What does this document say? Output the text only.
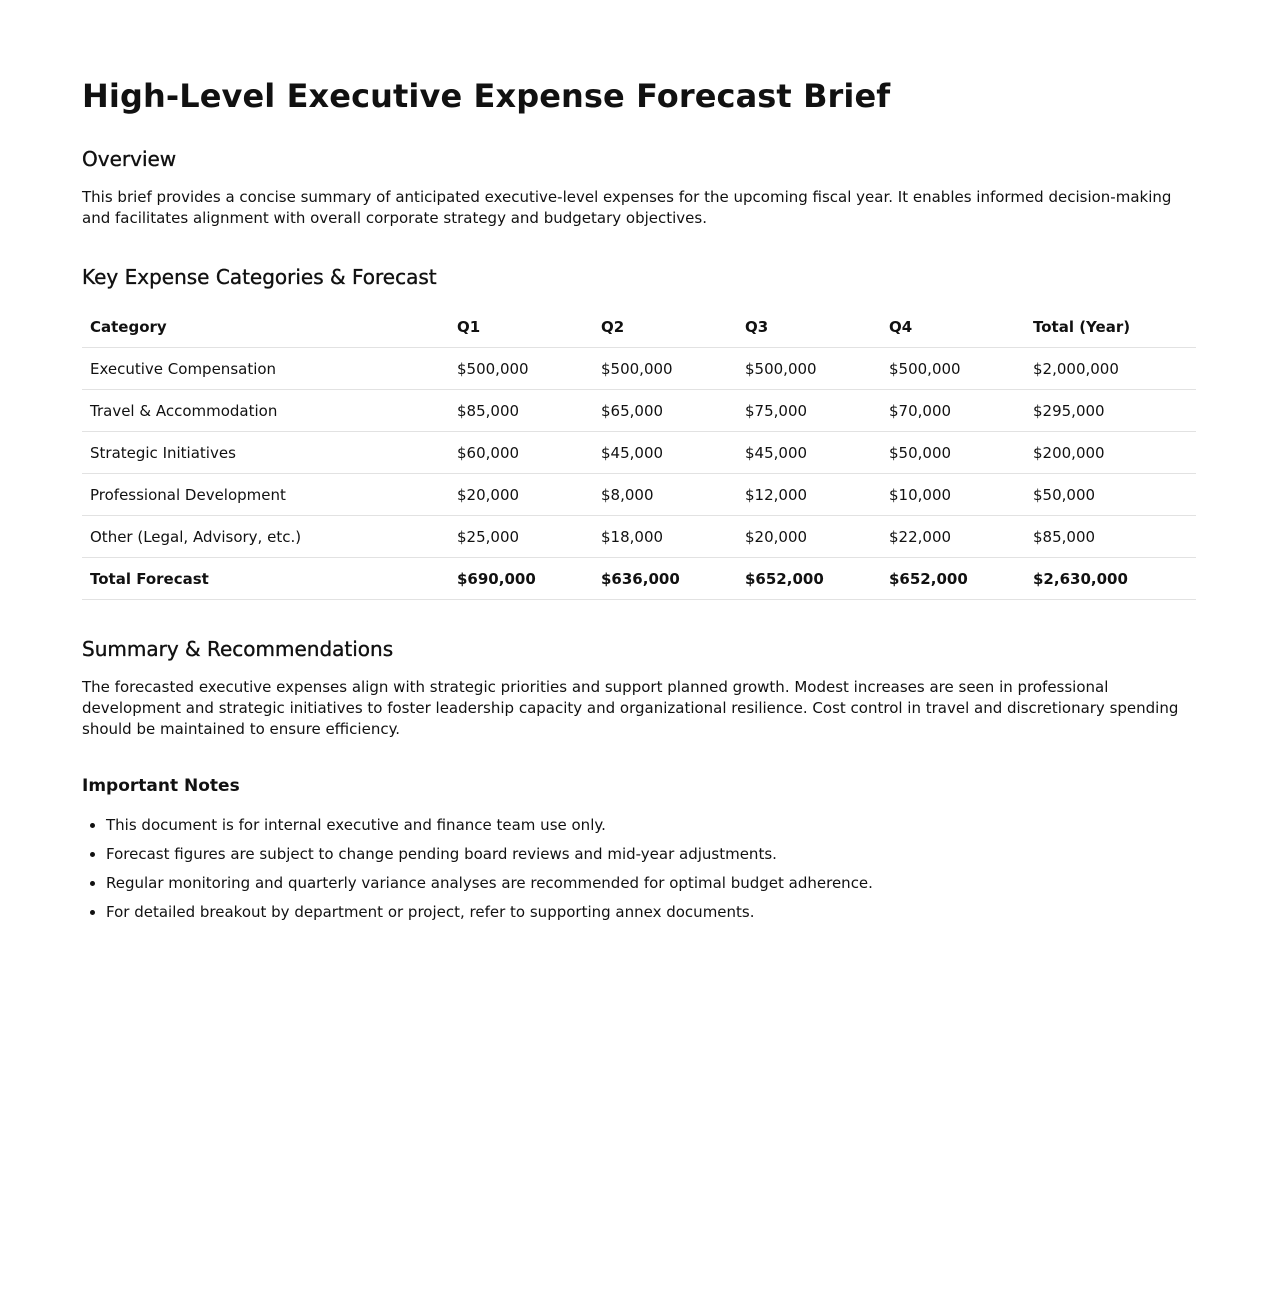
High-Level Executive Expense Forecast Brief
Overview

This brief provides a concise summary of anticipated executive-level expenses for the upcoming fiscal year. It enables informed decision-making and facilitates alignment with overall corporate strategy and budgetary objectives.

Key Expense Categories & Forecast
Category	Q1	Q2	Q3	Q4	Total (Year)
Executive Compensation	$500,000	$500,000	$500,000	$500,000	$2,000,000
Travel & Accommodation	$85,000	$65,000	$75,000	$70,000	$295,000
Strategic Initiatives	$60,000	$45,000	$45,000	$50,000	$200,000
Professional Development	$20,000	$8,000	$12,000	$10,000	$50,000
Other (Legal, Advisory, etc.)	$25,000	$18,000	$20,000	$22,000	$85,000
Total Forecast	$690,000	$636,000	$652,000	$652,000	$2,630,000
Summary & Recommendations

The forecasted executive expenses align with strategic priorities and support planned growth. Modest increases are seen in professional development and strategic initiatives to foster leadership capacity and organizational resilience. Cost control in travel and discretionary spending should be maintained to ensure efficiency.

Important Notes
• This document is for internal executive and finance team use only.
• Forecast figures are subject to change pending board reviews and mid-year adjustments.
• Regular monitoring and quarterly variance analyses are recommended for optimal budget adherence.
• For detailed breakout by department or project, refer to supporting annex documents.
